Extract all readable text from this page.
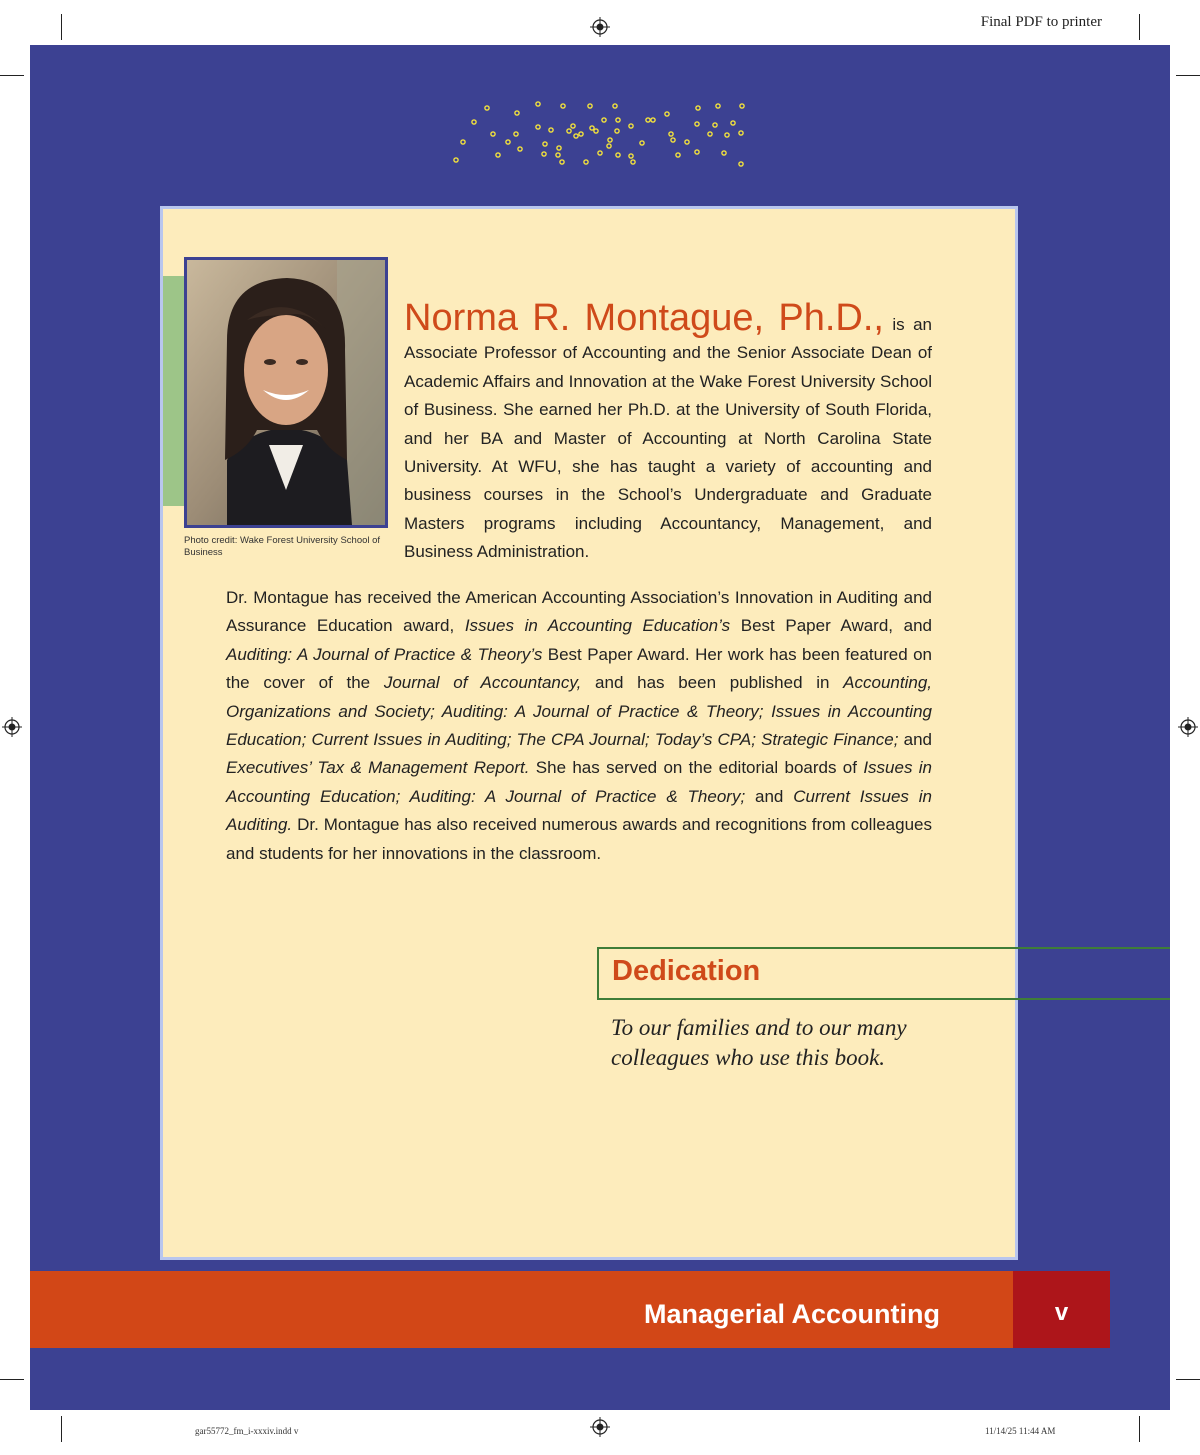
Final PDF to printer
Photo credit: Wake Forest University School of Business
Norma R. Montague, Ph.D., is an Associate Professor of Accounting and the Senior Associate Dean of Academic Affairs and Innovation at the Wake Forest University School of Business. She earned her Ph.D. at the University of South Florida, and her BA and Master of Accounting at North Carolina State University. At WFU, she has taught a variety of accounting and business courses in the School’s Undergraduate and Graduate Masters programs including Accountancy, Management, and Business Administration.
Dr. Montague has received the American Accounting Association’s Innovation in Auditing and Assurance Education award, Issues in Accounting Education’s Best Paper Award, and Auditing: A Journal of Practice & Theory’s Best Paper Award. Her work has been featured on the cover of the Journal of Accountancy, and has been published in Accounting, Organizations and Society; Auditing: A Journal of Practice & Theory; Issues in Accounting Education; Current Issues in Auditing; The CPA Journal; Today’s CPA; Strategic Finance; and Executives’ Tax & Management Report. She has served on the editorial boards of Issues in Accounting Education; Auditing: A Journal of Practice & Theory; and Current Issues in Auditing. Dr. Montague has also received numerous awards and recognitions from colleagues and students for her innovations in the classroom.
Dedication
To our families and to our many colleagues who use this book.
Managerial Accounting	v
gar55772_fm_i-xxxiv.indd v	11/14/25 11:44 AM
